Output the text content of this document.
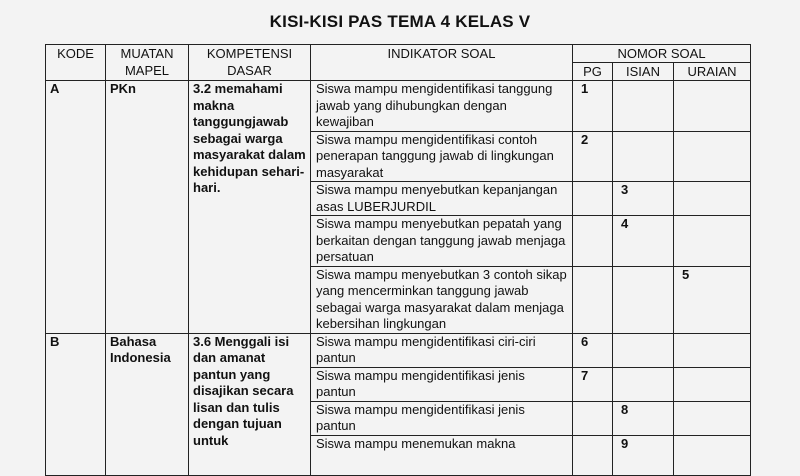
KISI-KISI PAS TEMA 4 KELAS V
KODE	MUATAN MAPEL	KOMPETENSI DASAR	INDIKATOR SOAL	NOMOR SOAL		
				PG	ISIAN	URAIAN
A	PKn	3.2 memahami makna tanggungjawab sebagai warga masyarakat dalam kehidupan sehari-hari.	Siswa mampu mengidentifikasi tanggung jawab yang dihubungkan dengan kewajiban	1		
			Siswa mampu mengidentifikasi contoh penerapan tanggung jawab di lingkungan masyarakat	2		
			Siswa mampu menyebutkan kepanjangan asas LUBERJURDIL		3	
			Siswa mampu menyebutkan pepatah yang berkaitan dengan tanggung jawab menjaga persatuan		4	
			Siswa mampu menyebutkan 3 contoh sikap yang mencerminkan tanggung jawab sebagai warga masyarakat dalam menjaga kebersihan lingkungan			5
B	Bahasa Indonesia	3.6 Menggali isi dan amanat pantun yang disajikan secara lisan dan tulis dengan tujuan untuk	Siswa mampu mengidentifikasi ciri-ciri pantun	6		
			Siswa mampu mengidentifikasi jenis pantun	7		
			Siswa mampu mengidentifikasi jenis pantun		8	
			Siswa mampu menemukan makna		9	
